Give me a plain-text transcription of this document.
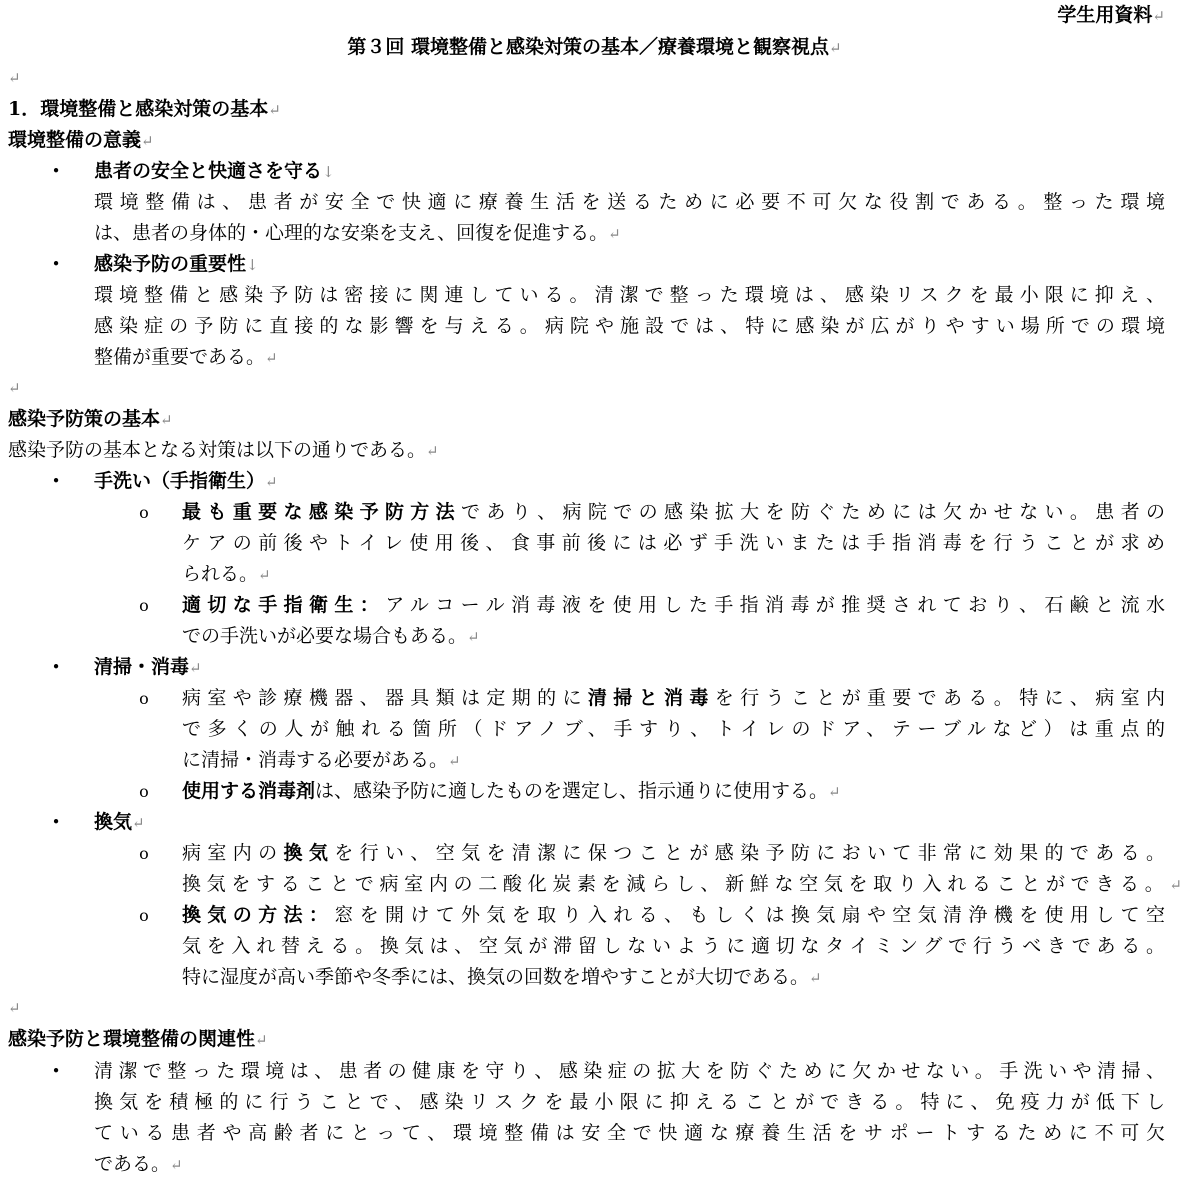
学生用資料↵
第３回 環境整備と感染対策の基本／療養環境と観察視点↵
↵
1．環境整備と感染対策の基本↵
環境整備の意義↵
•	患者の安全と快適さを守る↓
環境整備は、患者が安全で快適に療養生活を送るために必要不可欠な役割である。整った環境
は、患者の身体的・心理的な安楽を支え、回復を促進する。↵
•	感染予防の重要性↓
環境整備と感染予防は密接に関連している。清潔で整った環境は、感染リスクを最小限に抑え、
感染症の予防に直接的な影響を与える。病院や施設では、特に感染が広がりやすい場所での環境
整備が重要である。↵
↵
感染予防策の基本↵
感染予防の基本となる対策は以下の通りである。↵
•	手洗い（手指衛生）↵
o	最も重要な感染予防方法であり、病院での感染拡大を防ぐためには欠かせない。患者の
ケアの前後やトイレ使用後、食事前後には必ず手洗いまたは手指消毒を行うことが求め
られる。↵
o	適切な手指衛生：アルコール消毒液を使用した手指消毒が推奨されており、石鹸と流水
での手洗いが必要な場合もある。↵
•	清掃・消毒↵
o	病室や診療機器、器具類は定期的に清掃と消毒を行うことが重要である。特に、病室内
で多くの人が触れる箇所（ドアノブ、手すり、トイレのドア、テーブルなど）は重点的
に清掃・消毒する必要がある。↵
o	使用する消毒剤は、感染予防に適したものを選定し、指示通りに使用する。↵
•	換気↵
o	病室内の換気を行い、空気を清潔に保つことが感染予防において非常に効果的である。
換気をすることで病室内の二酸化炭素を減らし、新鮮な空気を取り入れることができる。↵
o	換気の方法：窓を開けて外気を取り入れる、もしくは換気扇や空気清浄機を使用して空
気を入れ替える。換気は、空気が滞留しないように適切なタイミングで行うべきである。
特に湿度が高い季節や冬季には、換気の回数を増やすことが大切である。↵
↵
感染予防と環境整備の関連性↵
•	清潔で整った環境は、患者の健康を守り、感染症の拡大を防ぐために欠かせない。手洗いや清掃、
換気を積極的に行うことで、感染リスクを最小限に抑えることができる。特に、免疫力が低下し
ている患者や高齢者にとって、環境整備は安全で快適な療養生活をサポートするために不可欠
である。↵
